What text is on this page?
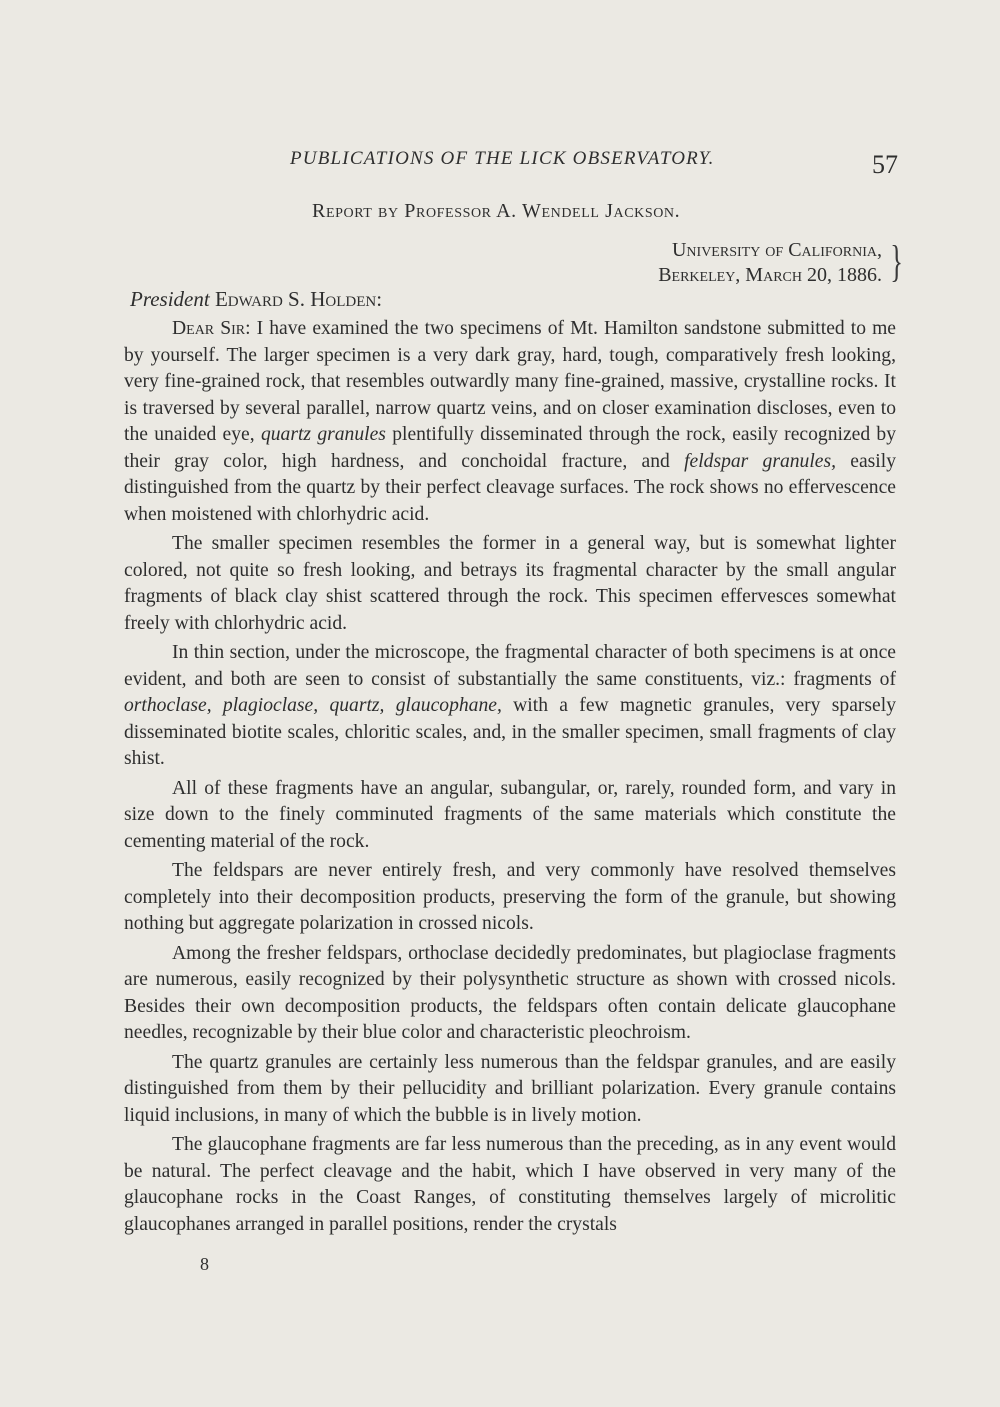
PUBLICATIONS OF THE LICK OBSERVATORY.	57
Report by Professor A. Wendell Jackson.
University of California,
Berkeley, March 20, 1886. }
President Edward S. Holden:

Dear Sir: I have examined the two specimens of Mt. Hamilton sandstone submitted to me by yourself. The larger specimen is a very dark gray, hard, tough, comparatively fresh looking, very fine-grained rock, that resembles outwardly many fine-grained, massive, crystalline rocks. It is traversed by several parallel, narrow quartz veins, and on closer examination discloses, even to the unaided eye, quartz granules plentifully disseminated through the rock, easily recognized by their gray color, high hardness, and conchoidal fracture, and feldspar granules, easily distinguished from the quartz by their perfect cleavage surfaces. The rock shows no effervescence when moistened with chlorhydric acid.

The smaller specimen resembles the former in a general way, but is somewhat lighter colored, not quite so fresh looking, and betrays its fragmental character by the small angular fragments of black clay shist scattered through the rock. This specimen effervesces somewhat freely with chlorhydric acid.

In thin section, under the microscope, the fragmental character of both specimens is at once evident, and both are seen to consist of substantially the same constituents, viz.: fragments of orthoclase, plagioclase, quartz, glaucophane, with a few magnetic granules, very sparsely disseminated biotite scales, chloritic scales, and, in the smaller specimen, small fragments of clay shist.

All of these fragments have an angular, subangular, or, rarely, rounded form, and vary in size down to the finely comminuted fragments of the same materials which constitute the cementing material of the rock.

The feldspars are never entirely fresh, and very commonly have resolved themselves completely into their decomposition products, preserving the form of the granule, but showing nothing but aggregate polarization in crossed nicols.

Among the fresher feldspars, orthoclase decidedly predominates, but plagioclase fragments are numerous, easily recognized by their polysynthetic structure as shown with crossed nicols. Besides their own decomposition products, the feldspars often contain delicate glaucophane needles, recognizable by their blue color and characteristic pleochroism.

The quartz granules are certainly less numerous than the feldspar granules, and are easily distinguished from them by their pellucidity and brilliant polarization. Every granule contains liquid inclusions, in many of which the bubble is in lively motion.

The glaucophane fragments are far less numerous than the preceding, as in any event would be natural. The perfect cleavage and the habit, which I have observed in very many of the glaucophane rocks in the Coast Ranges, of constituting themselves largely of microlitic glaucophanes arranged in parallel positions, render the crystals

8
